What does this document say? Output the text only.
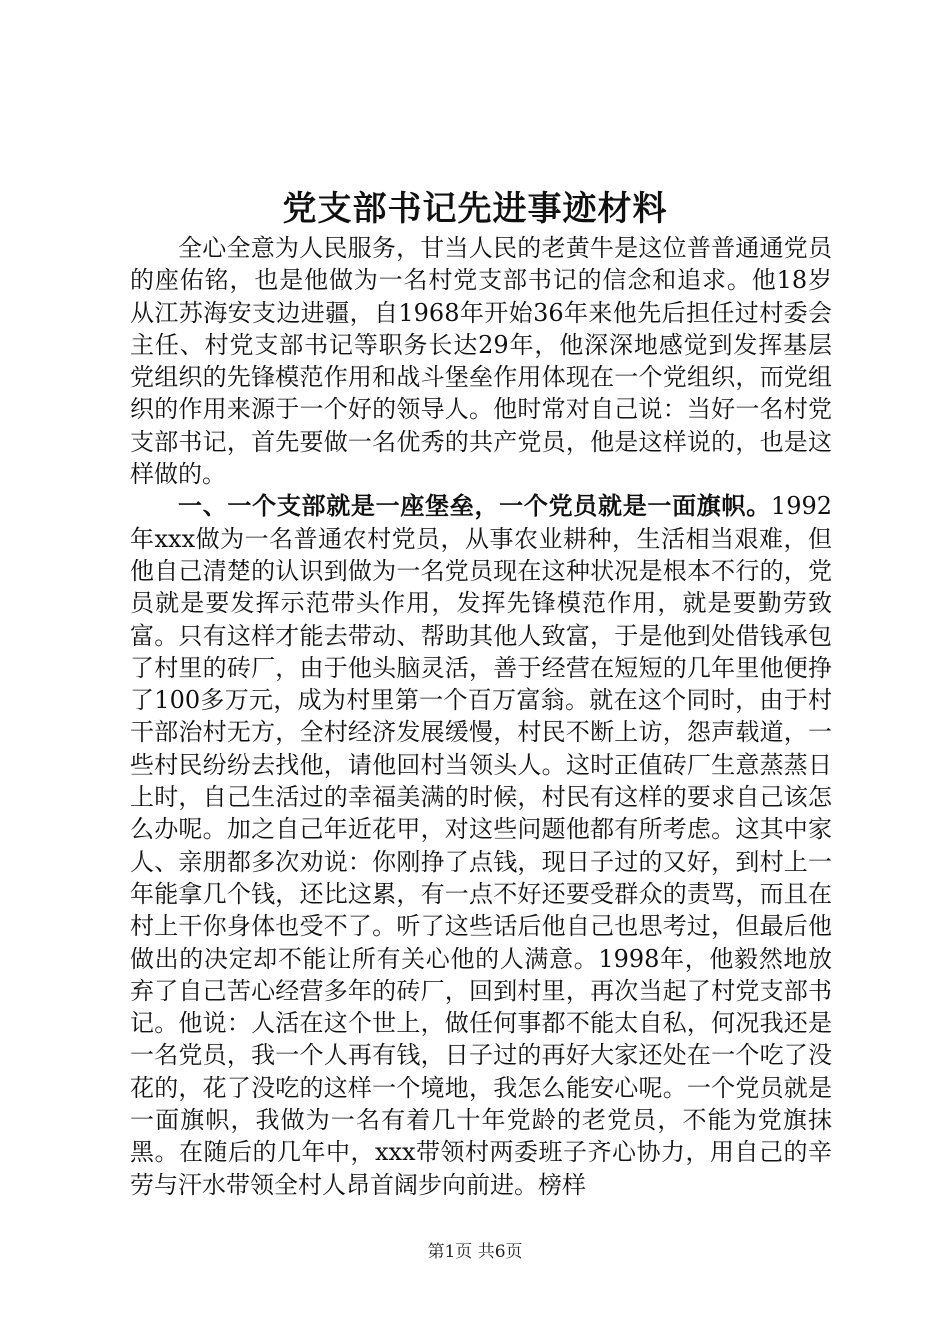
党支部书记先进事迹材料

全心全意为人民服务，甘当人民的老黄牛是这位普普通通党员的座佑铭，也是他做为一名村党支部书记的信念和追求。他18岁从江苏海安支边进疆，自1968年开始36年来他先后担任过村委会主任、村党支部书记等职务长达29年，他深深地感觉到发挥基层党组织的先锋模范作用和战斗堡垒作用体现在一个党组织，而党组织的作用来源于一个好的领导人。他时常对自己说：当好一名村党支部书记，首先要做一名优秀的共产党员，他是这样说的，也是这样做的。

一、一个支部就是一座堡垒，一个党员就是一面旗帜。1992年xxx做为一名普通农村党员，从事农业耕种，生活相当艰难，但他自己清楚的认识到做为一名党员现在这种状况是根本不行的，党员就是要发挥示范带头作用，发挥先锋模范作用，就是要勤劳致富。只有这样才能去带动、帮助其他人致富，于是他到处借钱承包了村里的砖厂，由于他头脑灵活，善于经营在短短的几年里他便挣了100多万元，成为村里第一个百万富翁。就在这个同时，由于村干部治村无方，全村经济发展缓慢，村民不断上访，怨声载道，一些村民纷纷去找他，请他回村当领头人。这时正值砖厂生意蒸蒸日上时，自己生活过的幸福美满的时候，村民有这样的要求自己该怎么办呢。加之自己年近花甲，对这些问题他都有所考虑。这其中家人、亲朋都多次劝说：你刚挣了点钱，现日子过的又好，到村上一年能拿几个钱，还比这累，有一点不好还要受群众的责骂，而且在村上干你身体也受不了。听了这些话后他自己也思考过，但最后他做出的决定却不能让所有关心他的人满意。1998年，他毅然地放弃了自己苦心经营多年的砖厂，回到村里，再次当起了村党支部书记。他说：人活在这个世上，做任何事都不能太自私，何况我还是一名党员，我一个人再有钱，日子过的再好大家还处在一个吃了没花的，花了没吃的这样一个境地，我怎么能安心呢。一个党员就是一面旗帜，我做为一名有着几十年党龄的老党员，不能为党旗抹黑。在随后的几年中，xxx带领村两委班子齐心协力，用自己的辛劳与汗水带领全村人昂首阔步向前进。榜样

第1页 共6页
